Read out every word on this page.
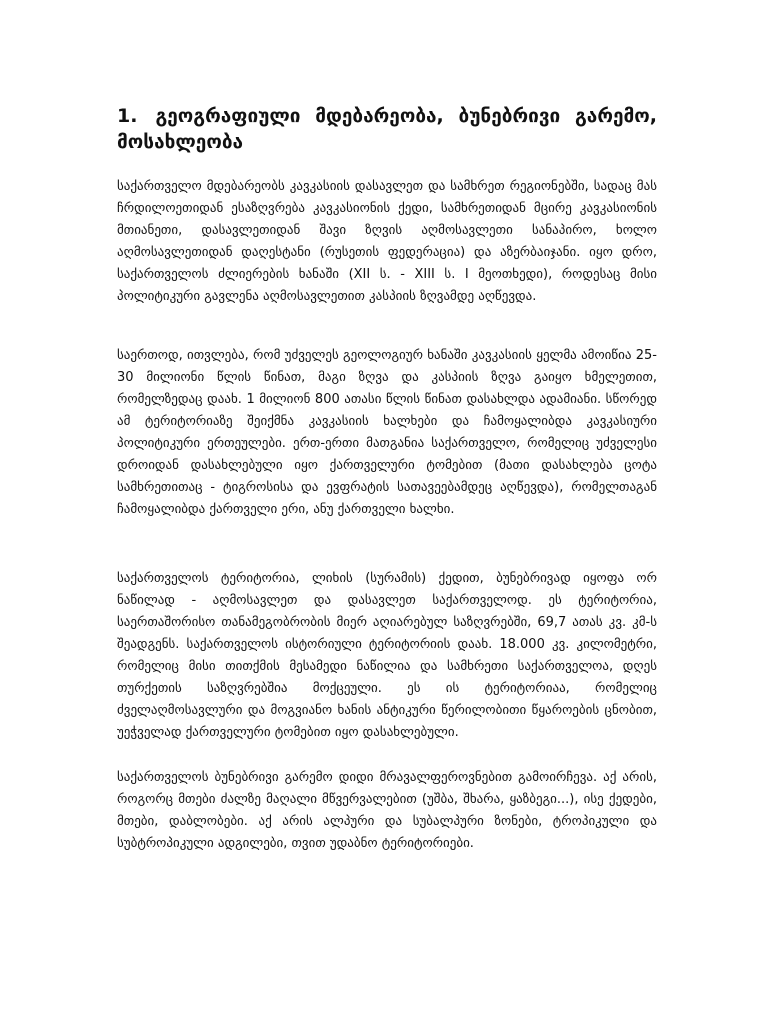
1. გეოგრაფიული მდებარეობა, ბუნებრივი გარემო, მოსახლეობა

საქართველო მდებარეობს კავკასიის დასავლეთ და სამხრეთ რეგიონებში, სადაც მას ჩრდილოეთიდან ესაზღვრება კავკასიონის ქედი, სამხრეთიდან მცირე კავკასიონის მთიანეთი, დასავლეთიდან შავი ზღვის აღმოსავლეთი სანაპირო, ხოლო აღმოსავლეთიდან დაღესტანი (რუსეთის ფედერაცია) და აზერბაიჯანი. იყო დრო, საქართველოს ძლიერების ხანაში (XII ს. - XIII ს. I მეოთხედი), როდესაც მისი პოლიტიკური გავლენა აღმოსავლეთით კასპიის ზღვამდე აღწევდა.

საერთოდ, ითვლება, რომ უძველეს გეოლოგიურ ხანაში კავკასიის ყელმა ამოიწია 25-30 მილიონი წლის წინათ, მაგი ზღვა და კასპიის ზღვა გაიყო ხმელეთით, რომელზედაც დაახ. 1 მილიონ 800 ათასი წლის წინათ დასახლდა ადამიანი. სწორედ ამ ტერიტორიაზე შეიქმნა კავკასიის ხალხები და ჩამოყალიბდა კავკასიური პოლიტიკური ერთეულები. ერთ-ერთი მათგანია საქართველო, რომელიც უძველესი დროიდან დასახლებული იყო ქართველური ტომებით (მათი დასახლება ცოტა სამხრეთითაც - ტიგროსისა და ევფრატის სათავეებამდეც აღწევდა), რომელთაგან ჩამოყალიბდა ქართველი ერი, ანუ ქართველი ხალხი.

საქართველოს ტერიტორია, ლიხის (სურამის) ქედით, ბუნებრივად იყოფა ორ ნაწილად - აღმოსავლეთ და დასავლეთ საქართველოდ. ეს ტერიტორია, საერთაშორისო თანამეგობრობის მიერ აღიარებულ საზღვრებში, 69,7 ათას კვ. კმ-ს შეადგენს. საქართველოს ისტორიული ტერიტორიის დაახ. 18.000 კვ. კილომეტრი, რომელიც მისი თითქმის მესამედი ნაწილია და სამხრეთი საქართველოა, დღეს თურქეთის საზღვრებშია მოქცეული. ეს ის ტერიტორიაა, რომელიც ძველაღმოსავლური და მოგვიანო ხანის ანტიკური წერილობითი წყაროების ცნობით, უეჭველად ქართველური ტომებით იყო დასახლებული.

საქართველოს ბუნებრივი გარემო დიდი მრავალფეროვნებით გამოირჩევა. აქ არის, როგორც მთები ძალზე მაღალი მწვერვალებით (უშბა, შხარა, ყაზბეგი...), ისე ქედები, მთები, დაბლობები. აქ არის ალპური და სუბალპური ზონები, ტროპიკული და სუბტროპიკული ადგილები, თვით უდაბნო ტერიტორიები.
